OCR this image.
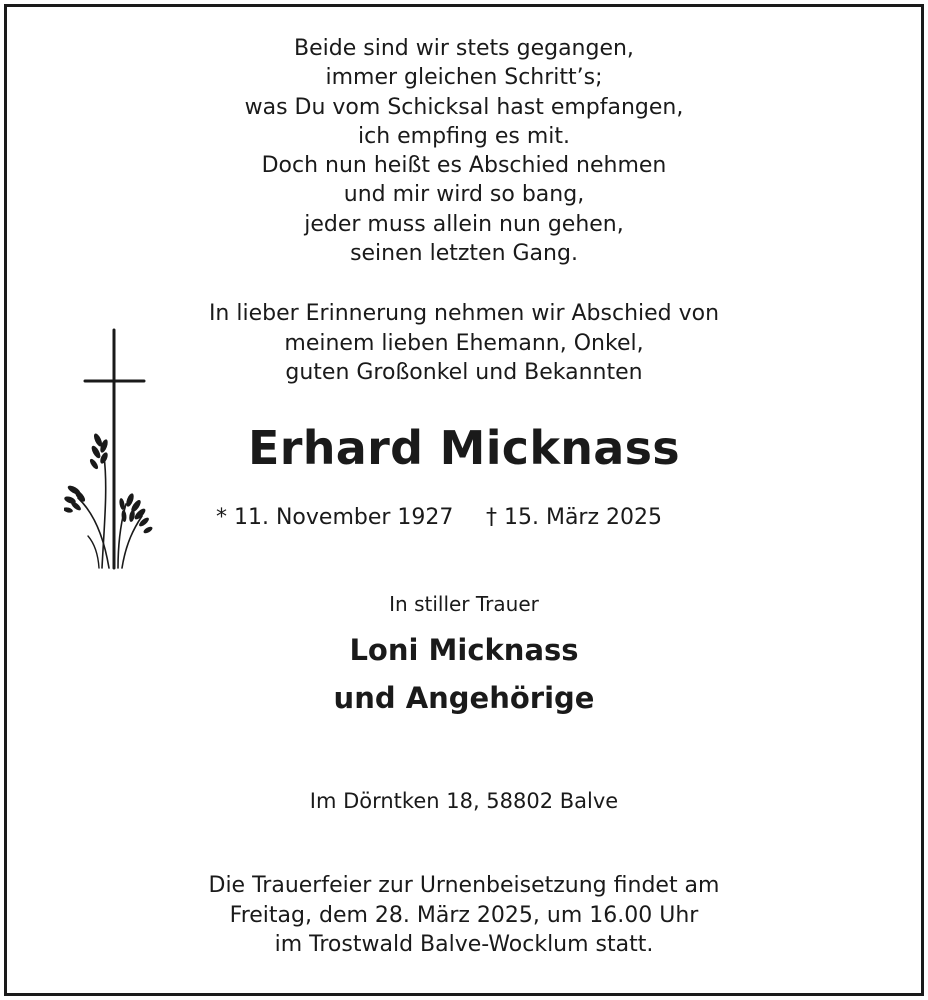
Beide sind wir stets gegangen,
immer gleichen Schritt’s;
was Du vom Schicksal hast empfangen,
ich empfing es mit.
Doch nun heißt es Abschied nehmen
und mir wird so bang,
jeder muss allein nun gehen,
seinen letzten Gang.
In lieber Erinnerung nehmen wir Abschied von
meinem lieben Ehemann, Onkel,
guten Großonkel und Bekannten
Erhard Micknass
* 11. November 1927 † 15. März 2025
In stiller Trauer
Loni Micknass
und Angehörige
Im Dörntken 18, 58802 Balve
Die Trauerfeier zur Urnenbeisetzung findet am
Freitag, dem 28. März 2025, um 16.00 Uhr
im Trostwald Balve-Wocklum statt.
